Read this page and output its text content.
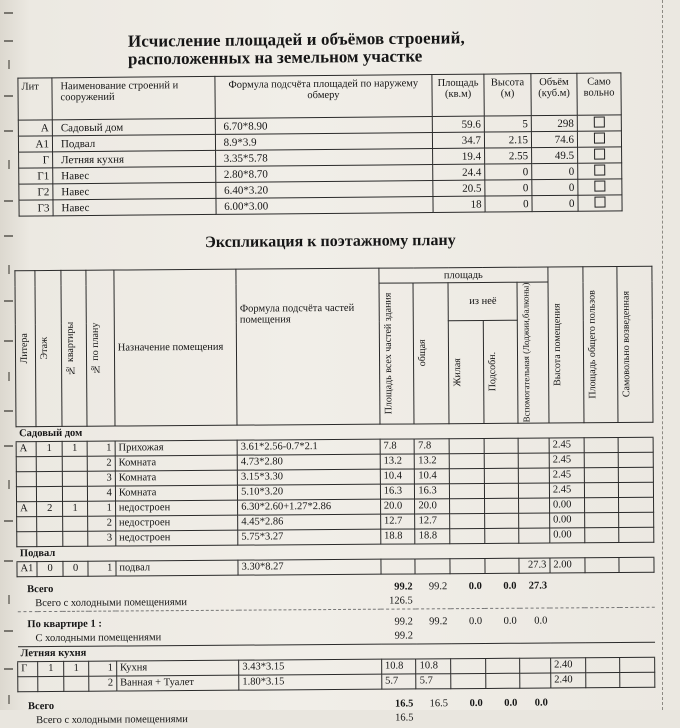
Исчисление площадей и объёмов строений,
расположенных на земельном участке
Лит	Наименование строений и сооружений	Формула подсчёта площадей по наружему обмеру	Площадь (кв.м)	Высота (м)	Объём (куб.м)	Само вольно
А	Садовый дом	6.70*8.90	59.6	5	298	
А1	Подвал	8.9*3.9	34.7	2.15	74.6	
Г	Летняя кухня	3.35*5.78	19.4	2.55	49.5	
Г1	Навес	2.80*8.70	24.4	0	0	
Г2	Навес	6.40*3.20	20.5	0	0	
Г3	Навес	6.00*3.00	18	0	0	
Экспликация к поэтажному плану
Литера	Этаж	№ квартиры	№ по плану	Назначение помещения	Формула подсчёта частей помещения	площадь					Высота помещения	Площадь общего пользов	Самовольно возведенная

						Площадь всех частей здания	общая	из неё		Вспомогательная (Лоджии,балконы)			

								Жилая	Подсобн.				

Садовый дом													
А	1	1	1	Прихожая	3.61*2.56-0.7*2.1	7.8	7.8				2.45		
			2	Комната	4.73*2.80	13.2	13.2				2.45		
			3	Комната	3.15*3.30	10.4	10.4				2.45		
			4	Комната	5.10*3.20	16.3	16.3				2.45		
А	2	1	1	недостроен	6.30*2.60+1.27*2.86	20.0	20.0				0.00		
			2	недостроен	4.45*2.86	12.7	12.7				0.00		
			3	недостроен	5.75*3.27	18.8	18.8				0.00		
Подвал													
А1	0	0	1	подвал	3.30*8.27					27.3	2.00		
Всего						99.2	99.2	0.0	0.0	27.3			
Всего с холодными помещениями						126.5							
По квартире 1 :						99.2	99.2	0.0	0.0	0.0			
С холодными помещениями						99.2							
Летняя кухня													
Г	1	1	1	Кухня	3.43*3.15	10.8	10.8				2.40		
			2	Ванная + Туалет	1.80*3.15	5.7	5.7				2.40		
Всего						16.5	16.5	0.0	0.0	0.0			
Всего с холодными помещениями						16.5							
